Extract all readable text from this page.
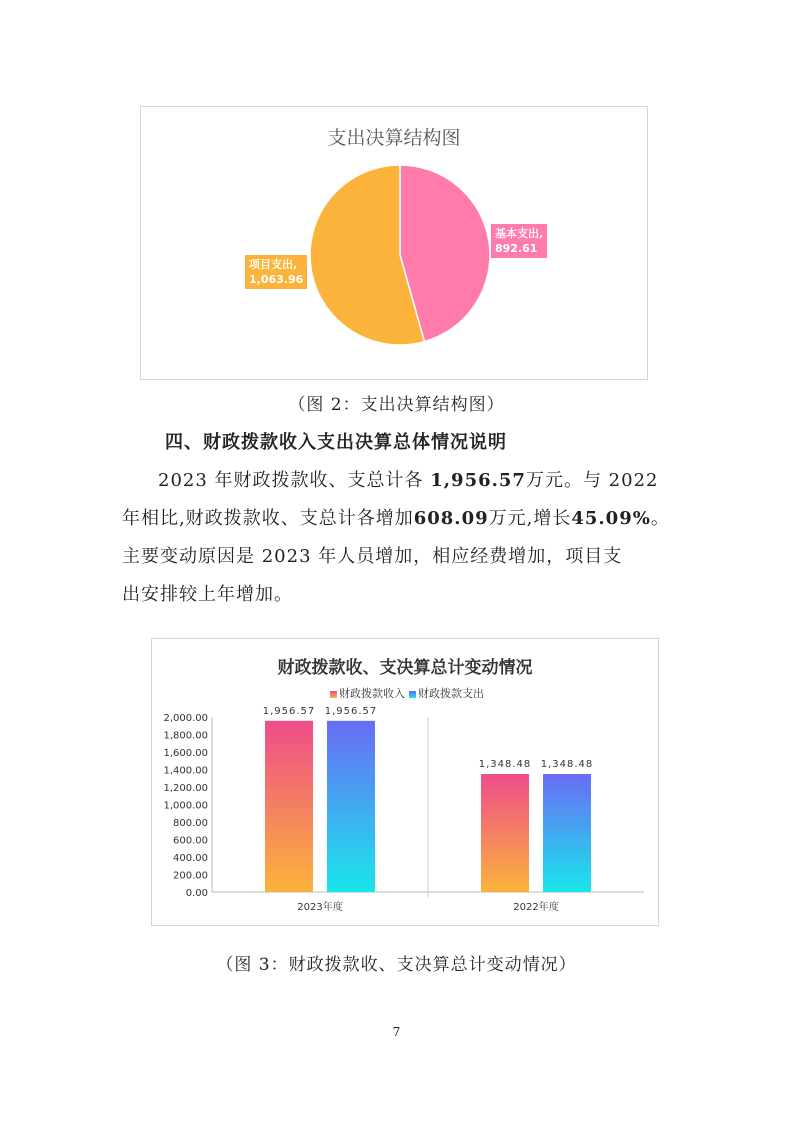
支出决算结构图
基本支出,
892.61
项目支出,
1,063.96
（图 2：支出决算结构图）
四、财政拨款收入支出决算总体情况说明

2023 年财政拨款收、支总计各 1,956.57万元。与 2022

年相比,财政拨款收、支总计各增加608.09万元,增长45.09%。

主要变动原因是 2023 年人员增加，相应经费增加，项目支

出安排较上年增加。

财政拨款收、支决算总计变动情况
财政拨款收入 财政拨款支出
0.00
200.00
400.00
600.00
800.00
1,000.00
1,200.00
1,400.00
1,600.00
1,800.00
2,000.00
1,956.57 1,956.57
2023年度
1,348.48 1,348.48
2022年度
（图 3：财政拨款收、支决算总计变动情况）
7
